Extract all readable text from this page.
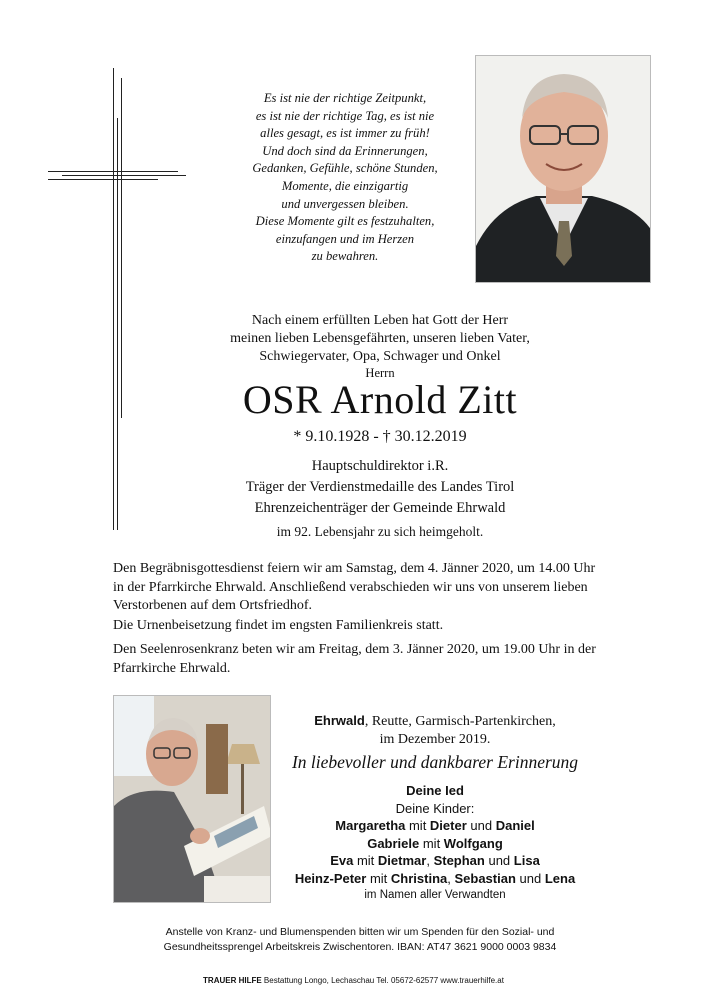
Es ist nie der richtige Zeitpunkt,
es ist nie der richtige Tag, es ist nie
alles gesagt, es ist immer zu früh!
Und doch sind da Erinnerungen,
Gedanken, Gefühle, schöne Stunden,
Momente, die einzigartig
und unvergessen bleiben.
Diese Momente gilt es festzuhalten,
einzufangen und im Herzen
zu bewahren.
Nach einem erfüllten Leben hat Gott der Herr
meinen lieben Lebensgefährten, unseren lieben Vater,
Schwiegervater, Opa, Schwager und Onkel
Herrn
OSR Arnold Zitt
* 9.10.1928 - † 30.12.2019
Hauptschuldirektor i.R.
Träger der Verdienstmedaille des Landes Tirol
Ehrenzeichenträger der Gemeinde Ehrwald
im 92. Lebensjahr zu sich heimgeholt.
Den Begräbnisgottesdienst feiern wir am Samstag, dem 4. Jänner 2020, um 14.00 Uhr in der Pfarrkirche Ehrwald. Anschließend verabschieden wir uns von unserem lieben Verstorbenen auf dem Ortsfriedhof.
Die Urnenbeisetzung findet im engsten Familienkreis statt.
Den Seelenrosenkranz beten wir am Freitag, dem 3. Jänner 2020, um 19.00 Uhr in der Pfarrkirche Ehrwald.
Ehrwald, Reutte, Garmisch-Partenkirchen,
im Dezember 2019.
In liebevoller und dankbarer Erinnerung
Deine Ied
Deine Kinder:
Margaretha mit Dieter und Daniel
Gabriele mit Wolfgang
Eva mit Dietmar, Stephan und Lisa
Heinz-Peter mit Christina, Sebastian und Lena
im Namen aller Verwandten
Anstelle von Kranz- und Blumenspenden bitten wir um Spenden für den Sozial- und
Gesundheitssprengel Arbeitskreis Zwischentoren. IBAN: AT47 3621 9000 0003 9834
TRAUER HILFE Bestattung Longo, Lechaschau Tel. 05672-62577 www.trauerhilfe.at
